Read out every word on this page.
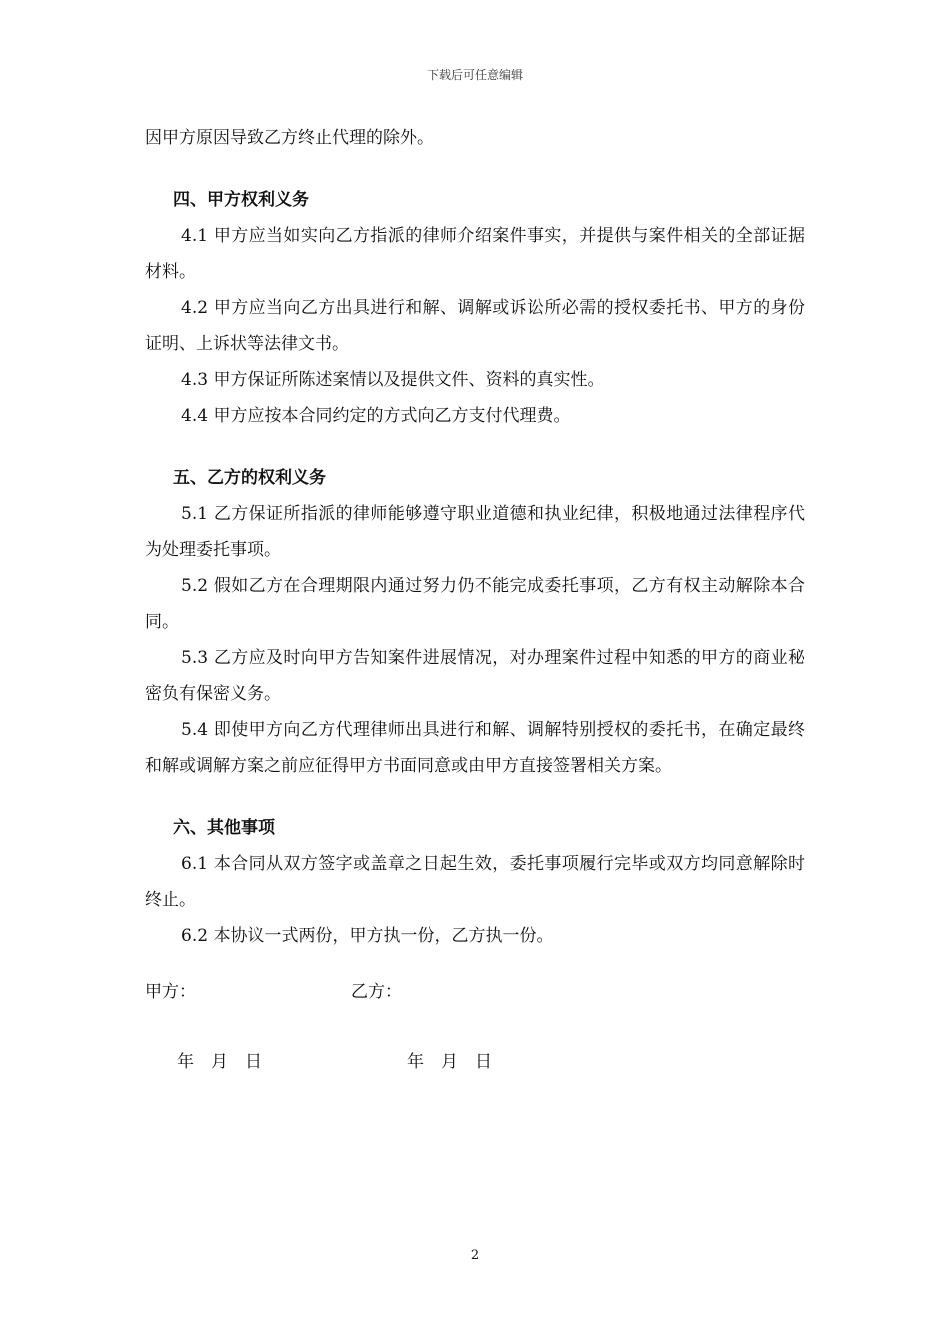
下载后可任意编辑

因甲方原因导致乙方终止代理的除外。

四、甲方权利义务

4.1 甲方应当如实向乙方指派的律师介绍案件事实，并提供与案件相关的全部证据材料。

4.2 甲方应当向乙方出具进行和解、调解或诉讼所必需的授权委托书、甲方的身份证明、上诉状等法律文书。

4.3 甲方保证所陈述案情以及提供文件、资料的真实性。

4.4 甲方应按本合同约定的方式向乙方支付代理费。

五、乙方的权利义务

5.1 乙方保证所指派的律师能够遵守职业道德和执业纪律，积极地通过法律程序代为处理委托事项。

5.2 假如乙方在合理期限内通过努力仍不能完成委托事项，乙方有权主动解除本合同。

5.3 乙方应及时向甲方告知案件进展情况，对办理案件过程中知悉的甲方的商业秘密负有保密义务。

5.4 即使甲方向乙方代理律师出具进行和解、调解特别授权的委托书，在确定最终和解或调解方案之前应征得甲方书面同意或由甲方直接签署相关方案。

六、其他事项

6.1 本合同从双方签字或盖章之日起生效，委托事项履行完毕或双方均同意解除时终止。

6.2 本协议一式两份，甲方执一份，乙方执一份。

甲方：	乙方：
年　月　日	年　月　日
2
